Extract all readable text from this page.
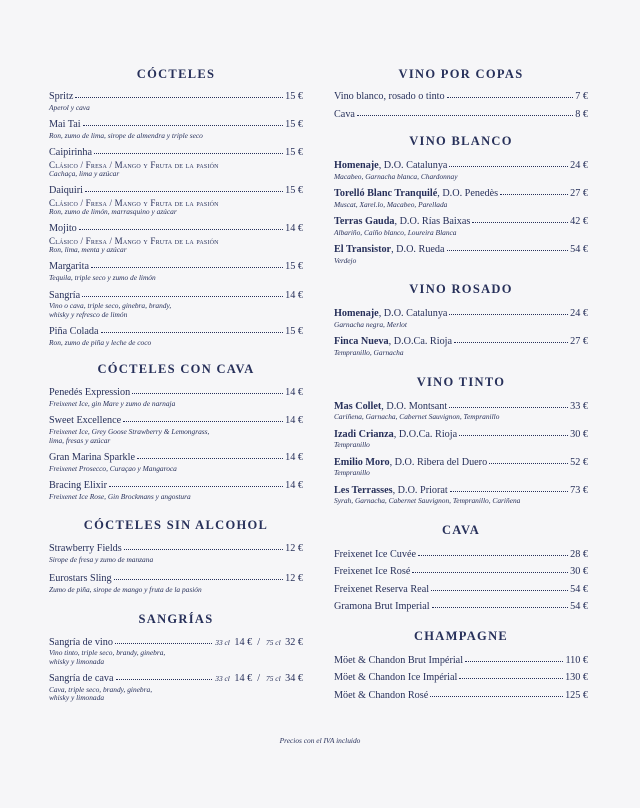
CÓCTELES
Spritz	15 €
Aperol y cava
Mai Tai	15 €
Ron, zumo de lima, sirope de almendra y triple seco
Caipirinha	15 €
Clásico / Fresa / Mango y Fruta de la pasión
Cachaça, lima y azúcar
Daiquiri	15 €
Clásico / Fresa / Mango y Fruta de la pasión
Ron, zumo de limón, marrasquino y azúcar
Mojito	14 €
Clásico / Fresa / Mango y Fruta de la pasión
Ron, lima, menta y azúcar
Margarita	15 €
Tequila, triple seco y zumo de limón
Sangría	14 €
Vino o cava, triple seco, ginebra, brandy,
whisky y refresco de limón
Piña Colada	15 €
Ron, zumo de piña y leche de coco
CÓCTELES CON CAVA
Penedés Expression	14 €
Freixenet Ice, gin Mare y zumo de narnaja
Sweet Excellence	14 €
Freixenet Ice, Grey Goose Strawberry & Lemongrass,
lima, fresas y azúcar
Gran Marina Sparkle	14 €
Freixenet Prosecco, Curaçao y Mangaroca
Bracing Elixir	14 €
Freixenet Ice Rose, Gin Brockmans y angostura
CÓCTELES SIN ALCOHOL
Strawberry Fields	12 €
Sirope de fresa y zumo de manzana
Eurostars Sling	12 €
Zumo de piña, sirope de mango y fruta de la pasión
SANGRÍAS
Sangría de vino	33 cl 14 € / 75 cl 32 €
Vino tinto, triple seco, brandy, ginebra,
whisky y limonada
Sangría de cava	33 cl 14 € / 75 cl 34 €
Cava, triple seco, brandy, ginebra,
whisky y limonada
VINO POR COPAS
Vino blanco, rosado o tinto	7 €
Cava	8 €
VINO BLANCO
Homenaje, D.O. Catalunya	24 €
Macabeo, Garnacha blanca, Chardonnay
Torelló Blanc Tranquilé, D.O. Penedès	27 €
Muscat, Xarel.lo, Macabeo, Parellada
Terras Gauda, D.O. Rías Baixas	42 €
Albariño, Caíño blanco, Loureira Blanca
El Transistor, D.O. Rueda	54 €
Verdejo
VINO ROSADO
Homenaje, D.O. Catalunya	24 €
Garnacha negra, Merlot
Finca Nueva, D.O.Ca. Rioja	27 €
Tempranillo, Garnacha
VINO TINTO
Mas Collet, D.O. Montsant	33 €
Cariñena, Garnacha, Cabernet Sauvignon, Tempranillo
Izadi Crianza, D.O.Ca. Rioja	30 €
Tempranillo
Emilio Moro, D.O. Ribera del Duero	52 €
Tempranillo
Les Terrasses, D.O. Priorat	73 €
Syrah, Garnacha, Cabernet Sauvignon, Tempranillo, Cariñena
CAVA
Freixenet Ice Cuvée	28 €
Freixenet Ice Rosé	30 €
Freixenet Reserva Real	54 €
Gramona Brut Imperial	54 €
CHAMPAGNE
Möet & Chandon Brut Impérial	110 €
Möet & Chandon Ice Impérial	130 €
Möet & Chandon Rosé	125 €
Precios con el IVA incluido
